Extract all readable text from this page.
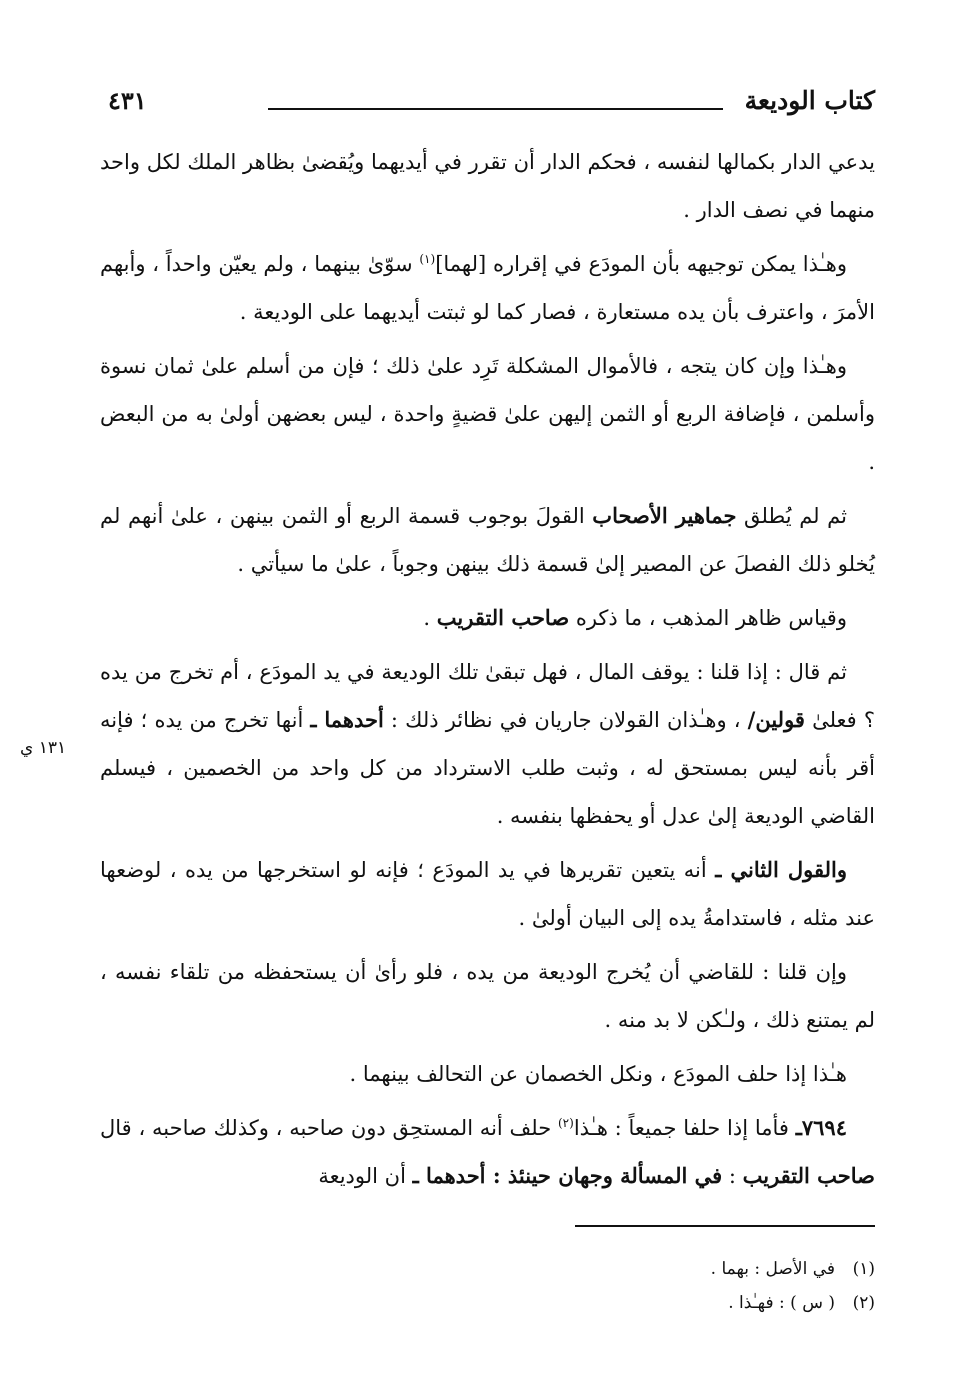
كتاب الوديعة
٤٣١
١٣١ ي

يدعي الدار بكمالها لنفسه ، فحكم الدار أن تقرر في أيديهما ويُقضىٰ بظاهر الملك لكل واحد منهما في نصف الدار .

وهـٰذا يمكن توجيهه بأن المودَع في إقراره [لهما]$^{(١)}$ سوّىٰ بينهما ، ولم يعيّن واحداً ، وأبهم الأمرَ ، واعترف بأن يده مستعارة ، فصار كما لو ثبتت أيديهما على الوديعة .

وهـٰذا وإن كان يتجه ، فالأموال المشكلة تَرِد علىٰ ذلك ؛ فإن من أسلم علىٰ ثمان نسوة وأسلمن ، فإضافة الربع أو الثمن إليهن علىٰ قضيةٍ واحدة ، ليس بعضهن أولىٰ به من البعض .

ثم لم يُطلق جماهير الأصحاب القولَ بوجوب قسمة الربع أو الثمن بينهن ، علىٰ أنهم لم يُخلو ذلك الفصلَ عن المصير إلىٰ قسمة ذلك بينهن وجوباً ، علىٰ ما سيأتي .

وقياس ظاهر المذهب ، ما ذكره صاحب التقريب .

ثم قال : إذا قلنا : يوقف المال ، فهل تبقىٰ تلك الوديعة في يد المودَع ، أم تخرج من يده ؟ فعلىٰ قولين/ ، وهـٰذان القولان جاريان في نظائر ذلك : أحدهما ـ أنها تخرج من يده ؛ فإنه أقر بأنه ليس بمستحق له ، وثبت طلب الاسترداد من كل واحد من الخصمين ، فيسلم القاضي الوديعة إلىٰ عدل أو يحفظها بنفسه .

والقول الثاني ـ أنه يتعين تقريرها في يد المودَع ؛ فإنه لو استخرجها من يده ، لوضعها عند مثله ، فاستدامةُ يده إلى البيان أولىٰ .

وإن قلنا : للقاضي أن يُخرج الوديعة من يده ، فلو رأىٰ أن يستحفظه من تلقاء نفسه ، لم يمتنع ذلك ، ولـٰكن لا بد منه .

هـٰذا إذا حلف المودَع ، ونكل الخصمان عن التحالف بينهما .

٧٦٩٤ـ فأما إذا حلفا جميعاً : هـٰذا$^{(٢)}$ حلف أنه المستحِق دون صاحبه ، وكذلك صاحبه ، قال صاحب التقريب : في المسألة وجهان حينئذ : أحدهما ـ أن الوديعة

(١)في الأصل : بهما .
(٢)( س ) : فهـٰذا .
